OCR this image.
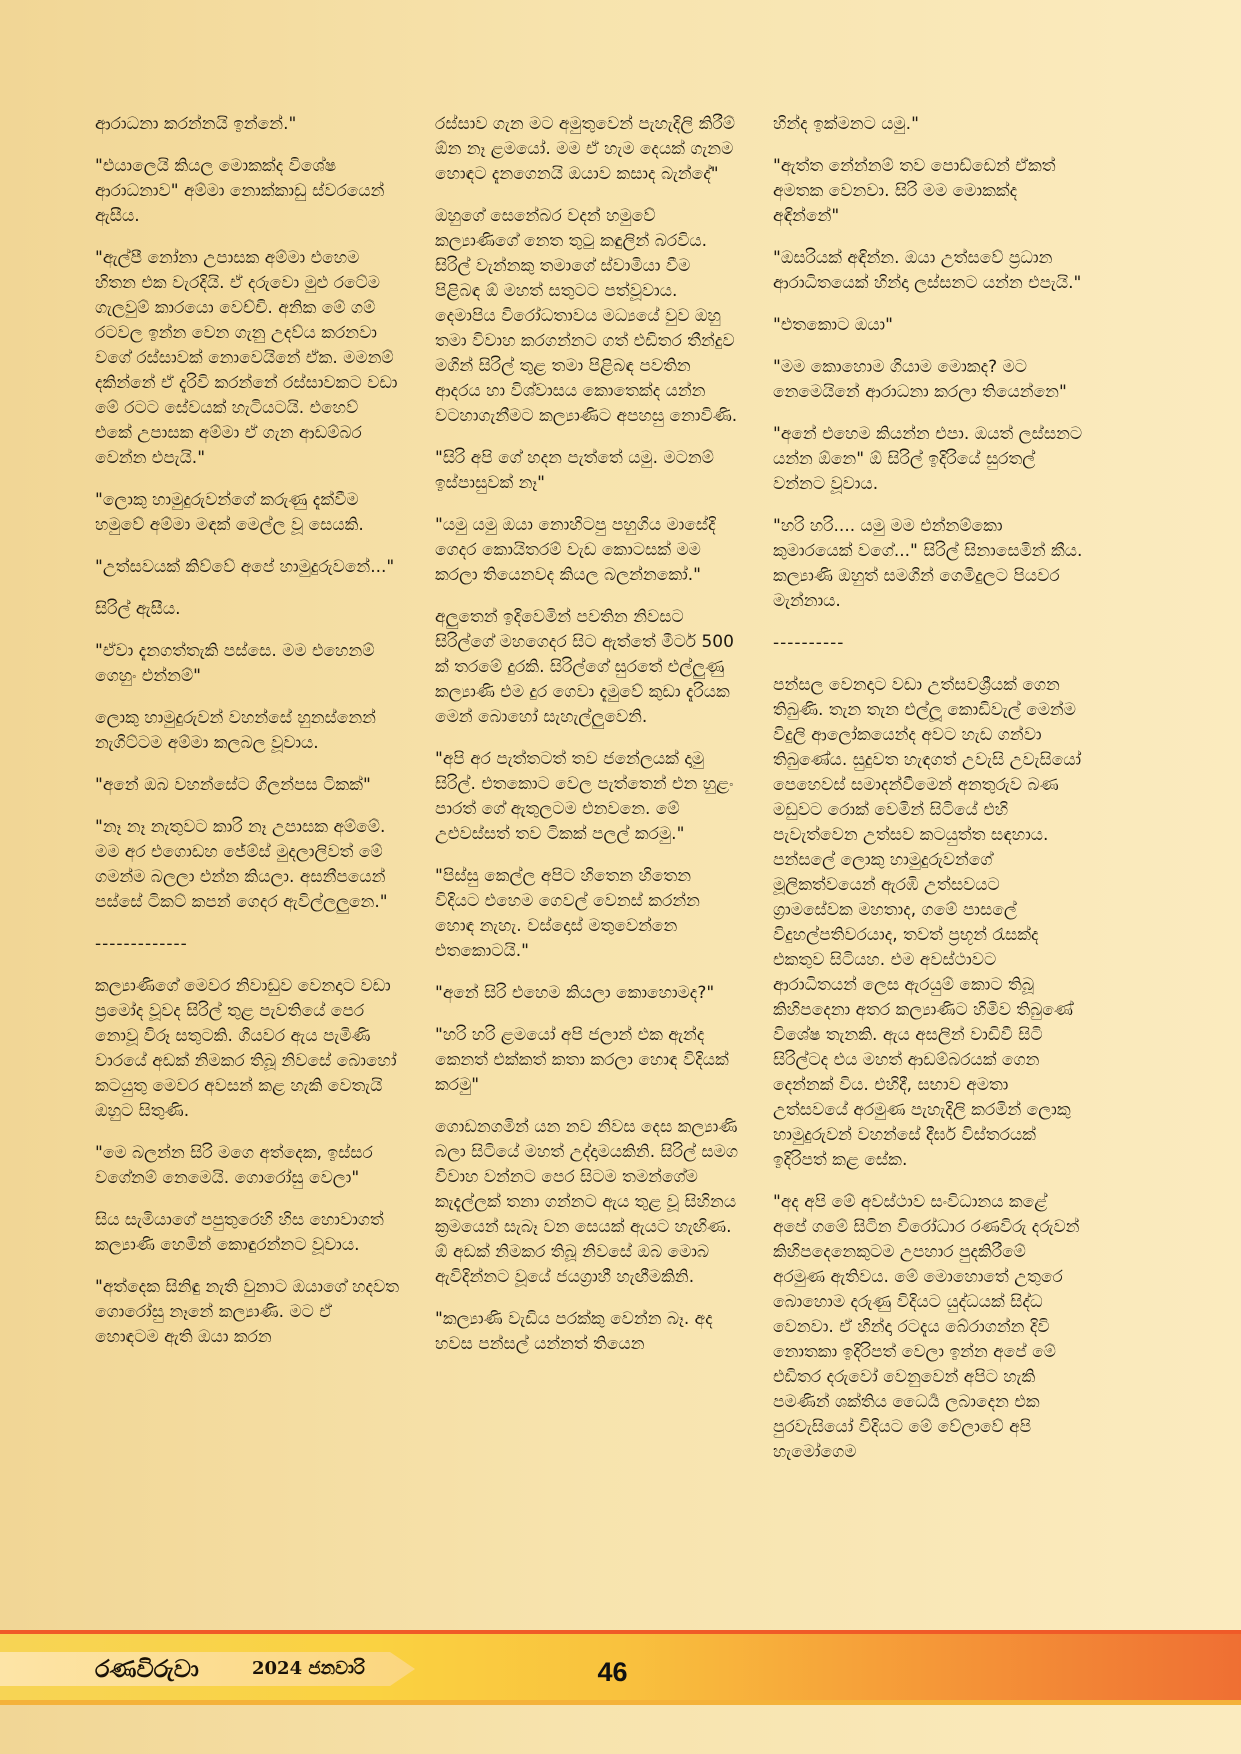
ආරාධනා කරන්නයි ඉන්නේ."

"එයාලෙයි කියල මොකක්ද විශේෂ ආරාධනාව" අම්මා නොක්කාඩු ස්වරයෙන් ඇසීය.

"ඇල්පී නෝනා උපාසක අම්මා එහෙම හිතන එක වැරදියි. ඒ දරුවො මුළු රටේම ගැලවුම් කාරයො වෙච්චි. අනික මේ ගම් රටවල ඉන්න වෙන ගැනු උදව්ය කරනවා වගේ රස්සාවක් නොවෙයිනේ ඒක. මමනම් දකින්නේ ඒ දැරිවි කරන්නේ රස්සාවකට වඩා මේ රටට සේවයක් හැටියටයි. එහෙව් එකේ උපාසක අම්මා ඒ ගැන ආඩම්බර වෙන්න එපැයි."

"ලොකු හාමුදුරුවන්ගේ කරුණු දැක්වීම හමුවේ අම්මා මඳක් මෙල්ල වූ සෙයකි.

"උත්සවයක් කිව්වේ අපේ හාමුදුරුවනේ..."

සිරිල් ඇසීය.

"ඒවා දැනගත්තැකි පස්සෙ. මම එහෙනම් ගෙහුං එන්නම්"

ලොකු හාමුදුරුවන් වහන්සේ හුනස්නෙන් නැගිට්ටම අම්මා කලබල වූවාය.

"අනේ ඔබ වහන්සේට ගිලන්පස ටිකක්"

"නෑ නෑ නැතුවට කාරි නෑ උපාසක අම්මේ. මම අර එගොඩහ ජේම්ස් මුදලාලිවත් මේ ගමන්ම බලලා එන්න කියලා. අසනීපයෙන් පස්සේ ටිකට් කපන් ගෙදර ඇවිල්ලලුනෙ."

-------------

කල්‍යාණිගේ මෙවර නිවාඩුව වෙනදාට වඩා ප්‍රමෝද වූවද සිරිල් තුළ පැවතියේ පෙර නොවූ විරූ සතුටකි. ගියවර ඇය පැමිණි වාරයේ අඩක් නිමකර තිබූ නිවසේ බොහෝ කටයුතු මෙවර අවසන් කළ හැකි වෙතැයි ඔහුට සිතුණි.

"මෙ බලන්න සිරි මගෙ අත්දෙක, ඉස්සර වගේනම් නෙමෙයි. ගොරෝසු වෙලා"

සිය සැමියාගේ පපුතුරෙහි හිස හොවාගත් කල්‍යාණි හෙමින් කොඳුරන්නට වූවාය.

"අත්දෙක සිනිඳු නැති වුනාට ඔයාගේ හදවත ගොරෝසු නෑනේ කල්‍යාණි. මට ඒ හොඳටම ඇති ඔයා කරන

රස්සාව ගැන මට අමුතුවෙන් පැහැදිලි කිරීම් ඕන නෑ ළමයෝ. මම ඒ හැම දෙයක් ගැනම හොඳට දැනගෙනයි ඔයාව කසාද බැන්දේ"

ඔහුගේ සෙනේබර වදන් හමුවේ කල්‍යාණිගේ නෙත තුටු කඳුලින් බරවිය. සිරිල් වැන්නකු තමාගේ ස්වාමියා වීම පිළිබඳ ඕ මහත් සතුටට පත්වූවාය. දෙමාපිය විරෝධතාවය මධ්‍යයේ වුව ඔහු තමා විවාහ කරගන්නට ගත් එඩිතර තීන්දුව මගින් සිරිල් තුළ තමා පිළිබඳ පවතින ආදරය හා විශ්වාසය කොතෙක්ද යන්න වටහාගැනීමට කල්‍යාණිට අපහසු නොවිණි.

"සිරි අපි ගේ හදන පැත්තේ යමු. මටනම් ඉස්පාසුවක් නෑ"

"යමු යමු ඔයා නොහිටපු පහුගිය මාසේදි ගෙදර කොයිතරම් වැඩ කොටසක් මම කරලා තියෙනවද කියල බලන්නකෝ."

අලුතෙන් ඉදිවෙමින් පවතින නිවසට සිරිල්ගේ මහගෙදර සිට ඇත්තේ මීටර් 500 ක් තරමේ දුරකි. සිරිල්ගේ සුරතේ එල්ලුණු කල්‍යාණි එම දුර ගෙවා දැමුවේ කුඩා දැරියක මෙන් බොහෝ සැහැල්ලුවෙනි.

"අපි අර පැත්තටත් තව ජනේලයක් දාමු සිරිල්. එතකොට වෙල පැත්තෙන් එන හුළං පාරත් ගේ ඇතුලටම එනවනෙ. මේ උළුවස්සත් තව ටිකක් පලල් කරමු."

"පිස්සු කෙල්ල අපිට හිතෙන හිතෙන විදියට එහෙම ගෙවල් වෙනස් කරන්න හොඳ නැහැ. වස්දොස් මතුවෙන්නෙ එතකොටයි."

"අනේ සිරි එහෙම කියලා කොහොමද?"

"හරි හරි ළමයෝ අපි ජලාන් එක ඇන්ද කෙනත් එක්කත් කතා කරලා හොඳ විදියක් කරමු"

ගොඩනගමින් යන නව නිවස දෙස කල්‍යාණි බලා සිටියේ මහත් උද්දාමයකිනි. සිරිල් සමග විවාහ වන්නට පෙර සිටම තමන්ගේම කැදැල්ලක් තනා ගන්නට ඇය තුළ වූ සිහිනය ක්‍රමයෙන් සැබෑ වන සෙයක් ඇයට හැඟිණ. ඕ අඩක් නිමකර තිබූ නිවසේ ඔබ මොබ ඇවිදින්නට වූයේ ජයග්‍රාහී හැඟීමකිනි.

"කල්‍යාණි වැඩිය පරක්කු වෙන්න බෑ. අද හවස පන්සල් යන්නත් තියෙන

හින්ද ඉක්මනට යමු."

"ඇත්ත නේන්නම් තව පොඩ්ඩෙන් ඒකත් අමතක වෙනවා. සිරි මම මොකක්ද අඳින්නේ"

"ඔසරියක් අඳින්න. ඔයා උත්සවේ ප්‍රධාන ආරාධිතයෙක් හින්දා ලස්සනට යන්න එපැයි."

"එතකොට ඔයා"

"මම කොහොම ගියාම මොකද? මට නෙමෙයිනේ ආරාධනා කරලා තියෙන්නෙ"

"අනේ එහෙම කියන්න එපා. ඔයත් ලස්සනට යන්න ඕනෙ" ඕ සිරිල් ඉදිරියේ සුරතල් වන්නට වූවාය.

"හරි හරි.... යමු මම එන්නම්කො කුමාරයෙක් වගේ..." සිරිල් සිනාසෙමින් කීය. කල්‍යාණි ඔහුත් සමගින් ගෙමිදුලට පියවර මැන්නාය.

----------

පන්සල වෙනදාට වඩා උත්සවශ්‍රීයක් ගෙන තිබුණි. තැන තැන එල්ලූ කොඩිවැල් මෙන්ම විදුලි ආලෝකයෙන්ද අවට හැඩ ගන්වා තිබුණේය. සුදුවත හැඳගත් උවැසි උවැසියෝ පෙහෙවස් සමාදන්වීමෙන් අනතුරුව බණ මඩුවට රොක් වෙමින් සිටියේ එහි පැවැත්වෙන උත්සව කටයුත්ත සඳහාය. පන්සලේ ලොකු හාමුදුරුවන්ගේ මූලිකත්වයෙන් ඇරඹි උත්සවයට ග්‍රාමසේවක මහතාද, ගමේ පාසලේ විදුහල්පතිවරයාද, තවත් ප්‍රභූන් රැසක්ද එකතුව සිටියහ. එම අවස්ථාවට ආරාධිතයන් ලෙස ඇරයුම් කොට තිබූ කිහිපදෙනා අතර කල්‍යාණිට හිමිව තිබුණේ විශේෂ තැනකි. ඇය අසලින් වාඩිවී සිටි සිරිල්ටද එය මහත් ආඩම්බරයක් ගෙන දෙන්නක් විය. එහිදී, සභාව අමතා උත්සවයේ අරමුණ පැහැදිලි කරමින් ලොකු හාමුදුරුවන් වහන්සේ දීර්ඝ විස්තරයක් ඉදිරිපත් කළ සේක.

"අද අපි මේ අවස්ථාව සංවිධානය කළේ අපේ ගමේ සිටින විරෝධාර රණවිරු දරුවන් කිහිපදෙනෙකුටම උපහාර පුදකිරීමේ අරමුණ ඇතිවය. මේ මොහොතේ උතුරෙ බොහොම දරුණු විදියට යුද්ධයක් සිද්ධ වෙනවා. ඒ හින්දා රටදැය බේරාගන්න දිවි නොතකා ඉදිරිපත් වෙලා ඉන්න අපේ මේ එඩිතර දරුවෝ වෙනුවෙන් අපිට හැකි පමණින් ශක්තිය ධෛර්‍ය ලබාදෙන එක පුරවැසියෝ විදියට මේ වේලාවේ අපි හැමෝගෙම

රණවිරුවා	2024 ජනවාරි	46
